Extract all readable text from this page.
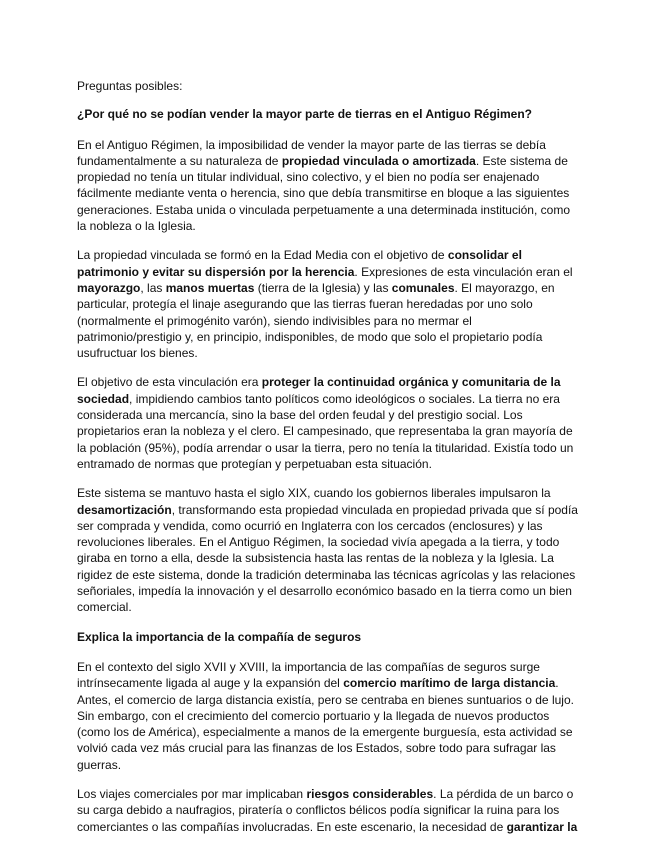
Preguntas posibles:

¿Por qué no se podían vender la mayor parte de tierras en el Antiguo Régimen?

En el Antiguo Régimen, la imposibilidad de vender la mayor parte de las tierras se debía fundamentalmente a su naturaleza de propiedad vinculada o amortizada. Este sistema de propiedad no tenía un titular individual, sino colectivo, y el bien no podía ser enajenado fácilmente mediante venta o herencia, sino que debía transmitirse en bloque a las siguientes generaciones. Estaba unida o vinculada perpetuamente a una determinada institución, como la nobleza o la Iglesia.

La propiedad vinculada se formó en la Edad Media con el objetivo de consolidar el patrimonio y evitar su dispersión por la herencia. Expresiones de esta vinculación eran el mayorazgo, las manos muertas (tierra de la Iglesia) y las comunales. El mayorazgo, en particular, protegía el linaje asegurando que las tierras fueran heredadas por uno solo (normalmente el primogénito varón), siendo indivisibles para no mermar el patrimonio/prestigio y, en principio, indisponibles, de modo que solo el propietario podía usufructuar los bienes.

El objetivo de esta vinculación era proteger la continuidad orgánica y comunitaria de la sociedad, impidiendo cambios tanto políticos como ideológicos o sociales. La tierra no era considerada una mercancía, sino la base del orden feudal y del prestigio social. Los propietarios eran la nobleza y el clero. El campesinado, que representaba la gran mayoría de la población (95%), podía arrendar o usar la tierra, pero no tenía la titularidad. Existía todo un entramado de normas que protegían y perpetuaban esta situación.

Este sistema se mantuvo hasta el siglo XIX, cuando los gobiernos liberales impulsaron la desamortización, transformando esta propiedad vinculada en propiedad privada que sí podía ser comprada y vendida, como ocurrió en Inglaterra con los cercados (enclosures) y las revoluciones liberales. En el Antiguo Régimen, la sociedad vivía apegada a la tierra, y todo giraba en torno a ella, desde la subsistencia hasta las rentas de la nobleza y la Iglesia. La rigidez de este sistema, donde la tradición determinaba las técnicas agrícolas y las relaciones señoriales, impedía la innovación y el desarrollo económico basado en la tierra como un bien comercial.

Explica la importancia de la compañía de seguros

En el contexto del siglo XVII y XVIII, la importancia de las compañías de seguros surge intrínsecamente ligada al auge y la expansión del comercio marítimo de larga distancia. Antes, el comercio de larga distancia existía, pero se centraba en bienes suntuarios o de lujo. Sin embargo, con el crecimiento del comercio portuario y la llegada de nuevos productos (como los de América), especialmente a manos de la emergente burguesía, esta actividad se volvió cada vez más crucial para las finanzas de los Estados, sobre todo para sufragar las guerras.

Los viajes comerciales por mar implicaban riesgos considerables. La pérdida de un barco o su carga debido a naufragios, piratería o conflictos bélicos podía significar la ruina para los comerciantes o las compañías involucradas. En este escenario, la necesidad de garantizar la
